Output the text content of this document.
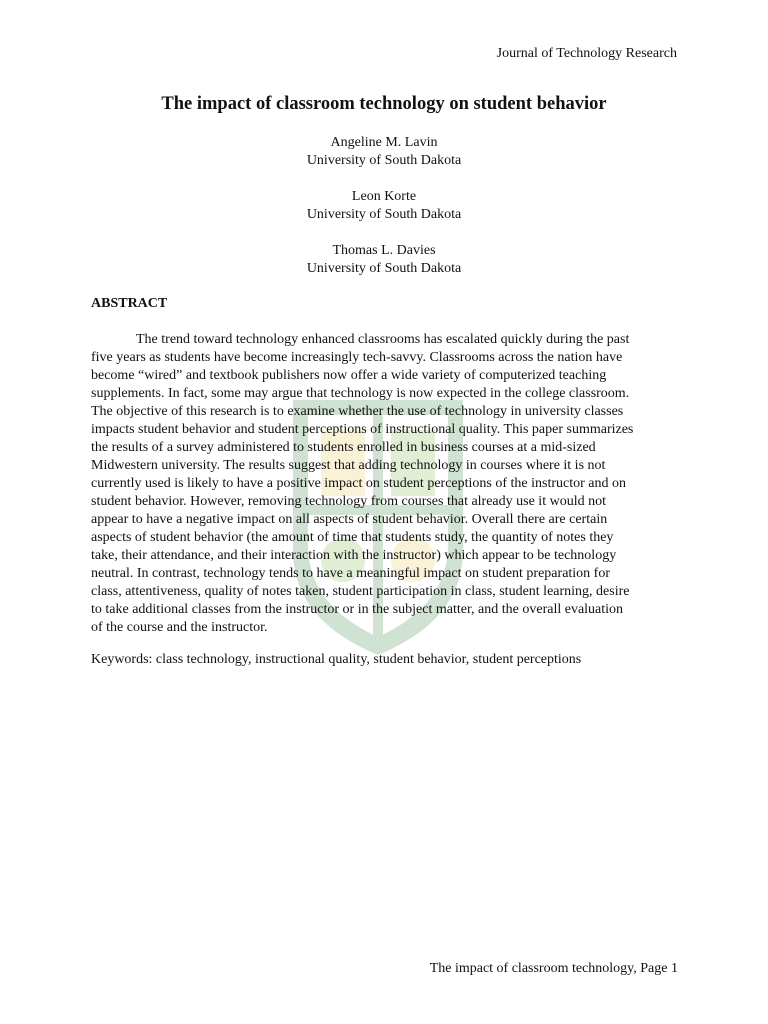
Journal of Technology Research
The impact of classroom technology on student behavior
Angeline M. Lavin
University of South Dakota
Leon Korte
University of South Dakota
Thomas L. Davies
University of South Dakota
ABSTRACT
The trend toward technology enhanced classrooms has escalated quickly during the past
five years as students have become increasingly tech-savvy. Classrooms across the nation have
become “wired” and textbook publishers now offer a wide variety of computerized teaching
supplements. In fact, some may argue that technology is now expected in the college classroom.
The objective of this research is to examine whether the use of technology in university classes
impacts student behavior and student perceptions of instructional quality. This paper summarizes
the results of a survey administered to students enrolled in business courses at a mid-sized
Midwestern university. The results suggest that adding technology in courses where it is not
currently used is likely to have a positive impact on student perceptions of the instructor and on
student behavior. However, removing technology from courses that already use it would not
appear to have a negative impact on all aspects of student behavior. Overall there are certain
aspects of student behavior (the amount of time that students study, the quantity of notes they
take, their attendance, and their interaction with the instructor) which appear to be technology
neutral. In contrast, technology tends to have a meaningful impact on student preparation for
class, attentiveness, quality of notes taken, student participation in class, student learning, desire
to take additional classes from the instructor or in the subject matter, and the overall evaluation
of the course and the instructor.
Keywords: class technology, instructional quality, student behavior, student perceptions
The impact of classroom technology, Page 1
